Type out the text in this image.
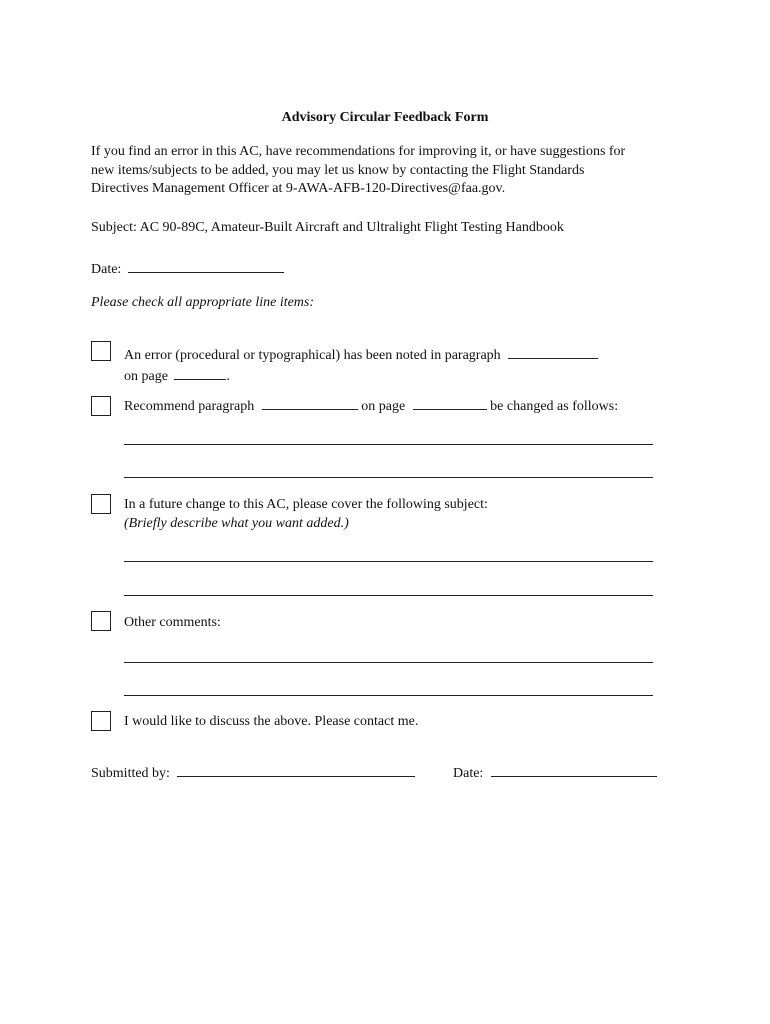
Advisory Circular Feedback Form
If you find an error in this AC, have recommendations for improving it, or have suggestions for
new items/subjects to be added, you may let us know by contacting the Flight Standards
Directives Management Officer at 9-AWA-AFB-120-Directives@faa.gov.
Subject: AC 90-89C, Amateur-Built Aircraft and Ultralight Flight Testing Handbook
Date:
Please check all appropriate line items:
An error (procedural or typographical) has been noted in paragraph
on page	.
Recommend paragraph	on page	be changed as follows:
In a future change to this AC, please cover the following subject:
(Briefly describe what you want added.)
Other comments:
I would like to discuss the above. Please contact me.
Submitted by:	Date:
